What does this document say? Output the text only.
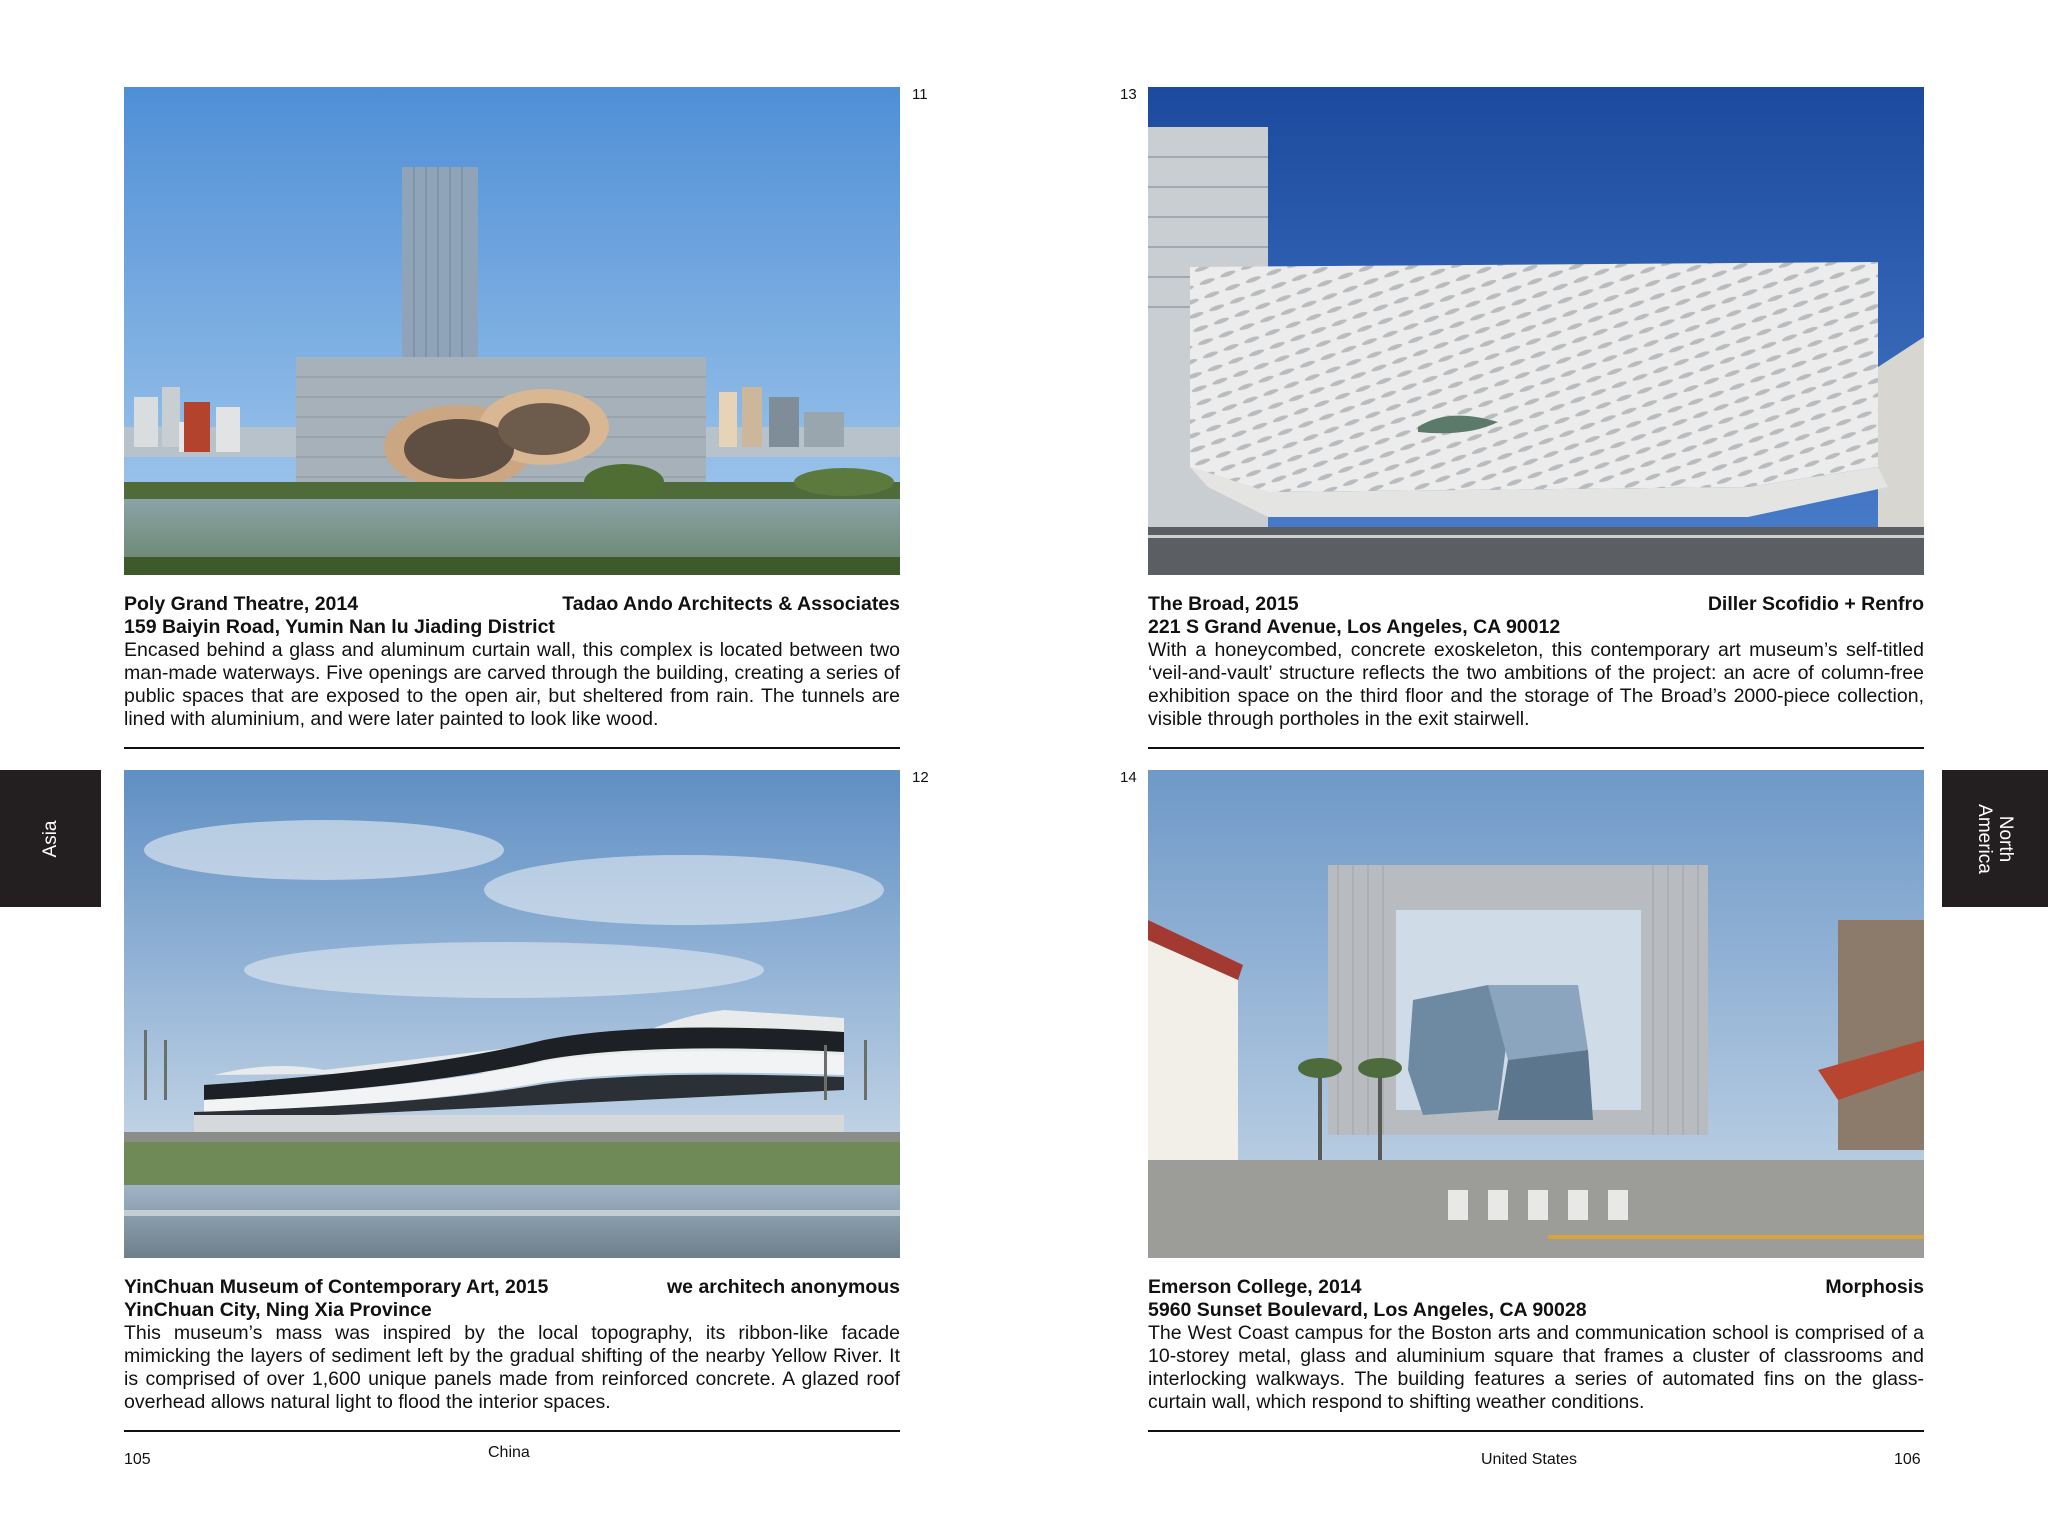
11
Poly Grand Theatre, 2014	Tadao Ando Architects & Associates
159 Baiyin Road, Yumin Nan lu Jiading District
Encased behind a glass and aluminum curtain wall, this complex is located between two man-made waterways. Five openings are carved through the building, creating a series of public spaces that are exposed to the open air, but sheltered from rain. The tunnels are lined with aluminium, and were later painted to look like wood.
12
YinChuan Museum of Contemporary Art, 2015	we architech anonymous
YinChuan City, Ning Xia Province
This museum’s mass was inspired by the local topography, its ribbon-like facade mimicking the layers of sediment left by the gradual shifting of the nearby Yellow River. It is comprised of over 1,600 unique panels made from reinforced concrete. A glazed roof overhead allows natural light to flood the interior spaces.
13
The Broad, 2015	Diller Scofidio + Renfro
221 S Grand Avenue, Los Angeles, CA 90012
With a honeycombed, concrete exoskeleton, this contemporary art museum’s self-titled ‘veil-and-vault’ structure reflects the two ambitions of the project: an acre of column-free exhibition space on the third floor and the storage of The Broad’s 2000-piece collection, visible through portholes in the exit stairwell.
14
Emerson College, 2014	Morphosis
5960 Sunset Boulevard, Los Angeles, CA 90028
The West Coast campus for the Boston arts and communication school is comprised of a 10-storey metal, glass and aluminium square that frames a cluster of classrooms and interlocking walkways. The building features a series of automated fins on the glass-curtain wall, which respond to shifting weather conditions.
Asia	North
America
105	China	United States	106
